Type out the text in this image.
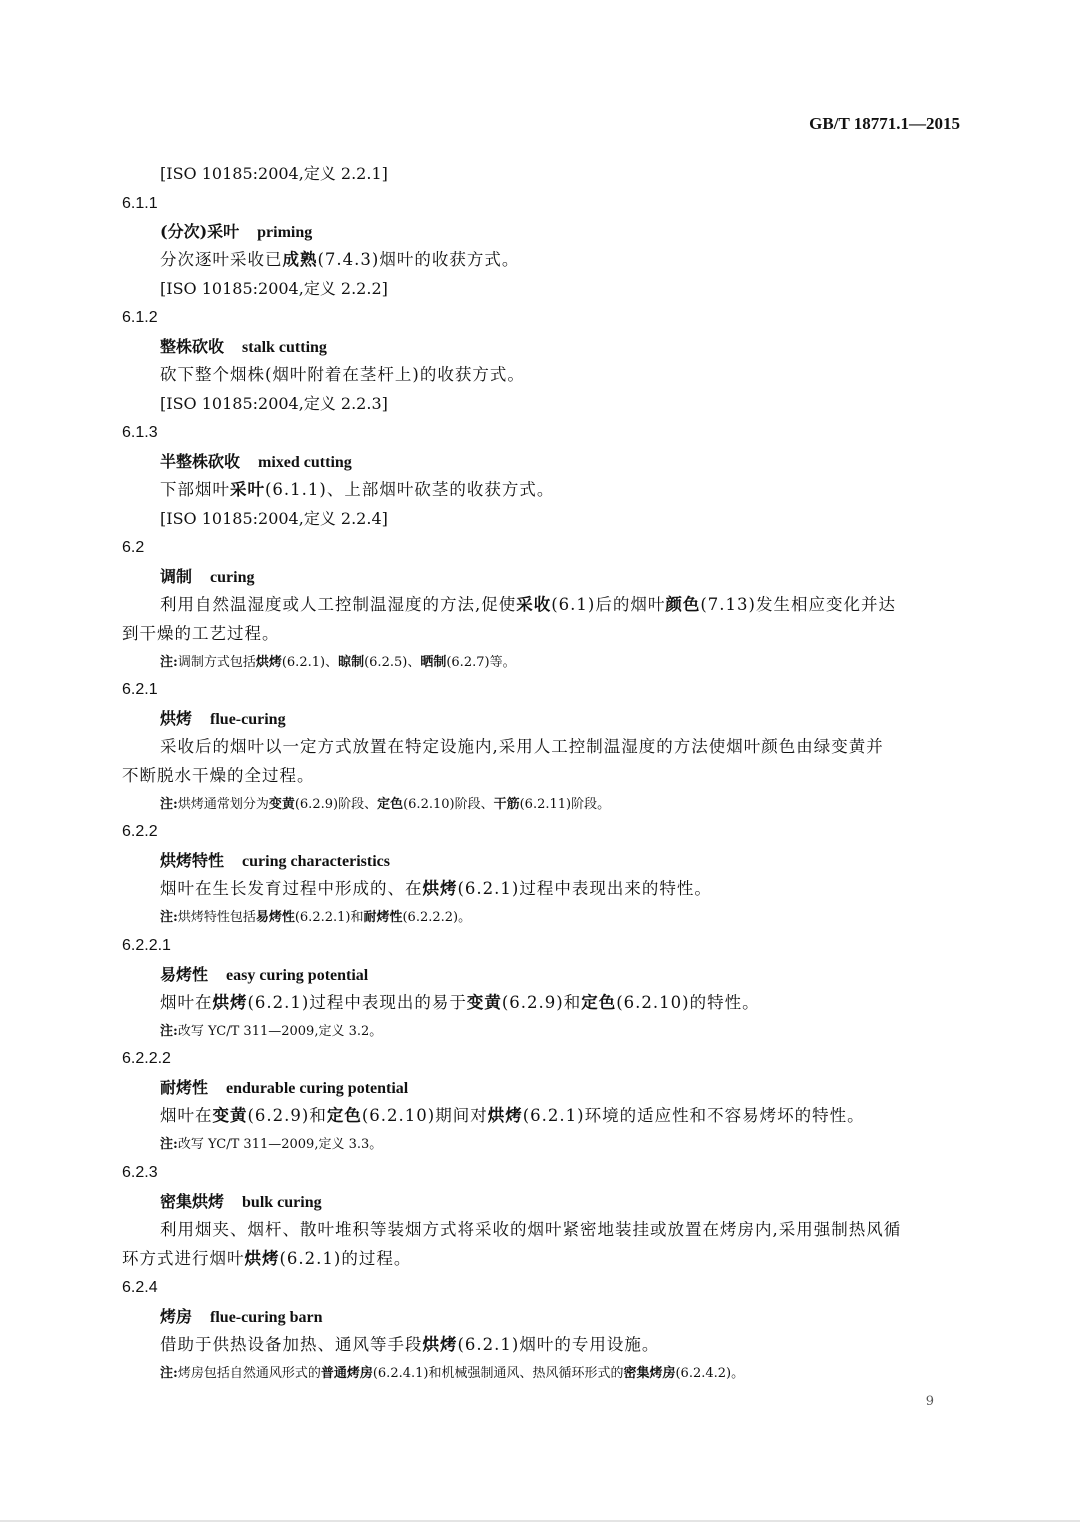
GB/T 18771.1—2015
[ISO 10185:2004,定义 2.2.1]
6.1.1
(分次)采叶 priming
分次逐叶采收已成熟(7.4.3)烟叶的收获方式。
[ISO 10185:2004,定义 2.2.2]
6.1.2
整株砍收 stalk cutting
砍下整个烟株(烟叶附着在茎杆上)的收获方式。
[ISO 10185:2004,定义 2.2.3]
6.1.3
半整株砍收 mixed cutting
下部烟叶采叶(6.1.1)、上部烟叶砍茎的收获方式。
[ISO 10185:2004,定义 2.2.4]
6.2
调制 curing
利用自然温湿度或人工控制温湿度的方法,促使采收(6.1)后的烟叶颜色(7.13)发生相应变化并达
到干燥的工艺过程。
注:调制方式包括烘烤(6.2.1)、晾制(6.2.5)、晒制(6.2.7)等。
6.2.1
烘烤 flue-curing
采收后的烟叶以一定方式放置在特定设施内,采用人工控制温湿度的方法使烟叶颜色由绿变黄并
不断脱水干燥的全过程。
注:烘烤通常划分为变黄(6.2.9)阶段、定色(6.2.10)阶段、干筋(6.2.11)阶段。
6.2.2
烘烤特性 curing characteristics
烟叶在生长发育过程中形成的、在烘烤(6.2.1)过程中表现出来的特性。
注:烘烤特性包括易烤性(6.2.2.1)和耐烤性(6.2.2.2)。
6.2.2.1
易烤性 easy curing potential
烟叶在烘烤(6.2.1)过程中表现出的易于变黄(6.2.9)和定色(6.2.10)的特性。
注:改写 YC/T 311—2009,定义 3.2。
6.2.2.2
耐烤性 endurable curing potential
烟叶在变黄(6.2.9)和定色(6.2.10)期间对烘烤(6.2.1)环境的适应性和不容易烤坏的特性。
注:改写 YC/T 311—2009,定义 3.3。
6.2.3
密集烘烤 bulk curing
利用烟夹、烟杆、散叶堆积等装烟方式将采收的烟叶紧密地装挂或放置在烤房内,采用强制热风循
环方式进行烟叶烘烤(6.2.1)的过程。
6.2.4
烤房 flue-curing barn
借助于供热设备加热、通风等手段烘烤(6.2.1)烟叶的专用设施。
注:烤房包括自然通风形式的普通烤房(6.2.4.1)和机械强制通风、热风循环形式的密集烤房(6.2.4.2)。
9
